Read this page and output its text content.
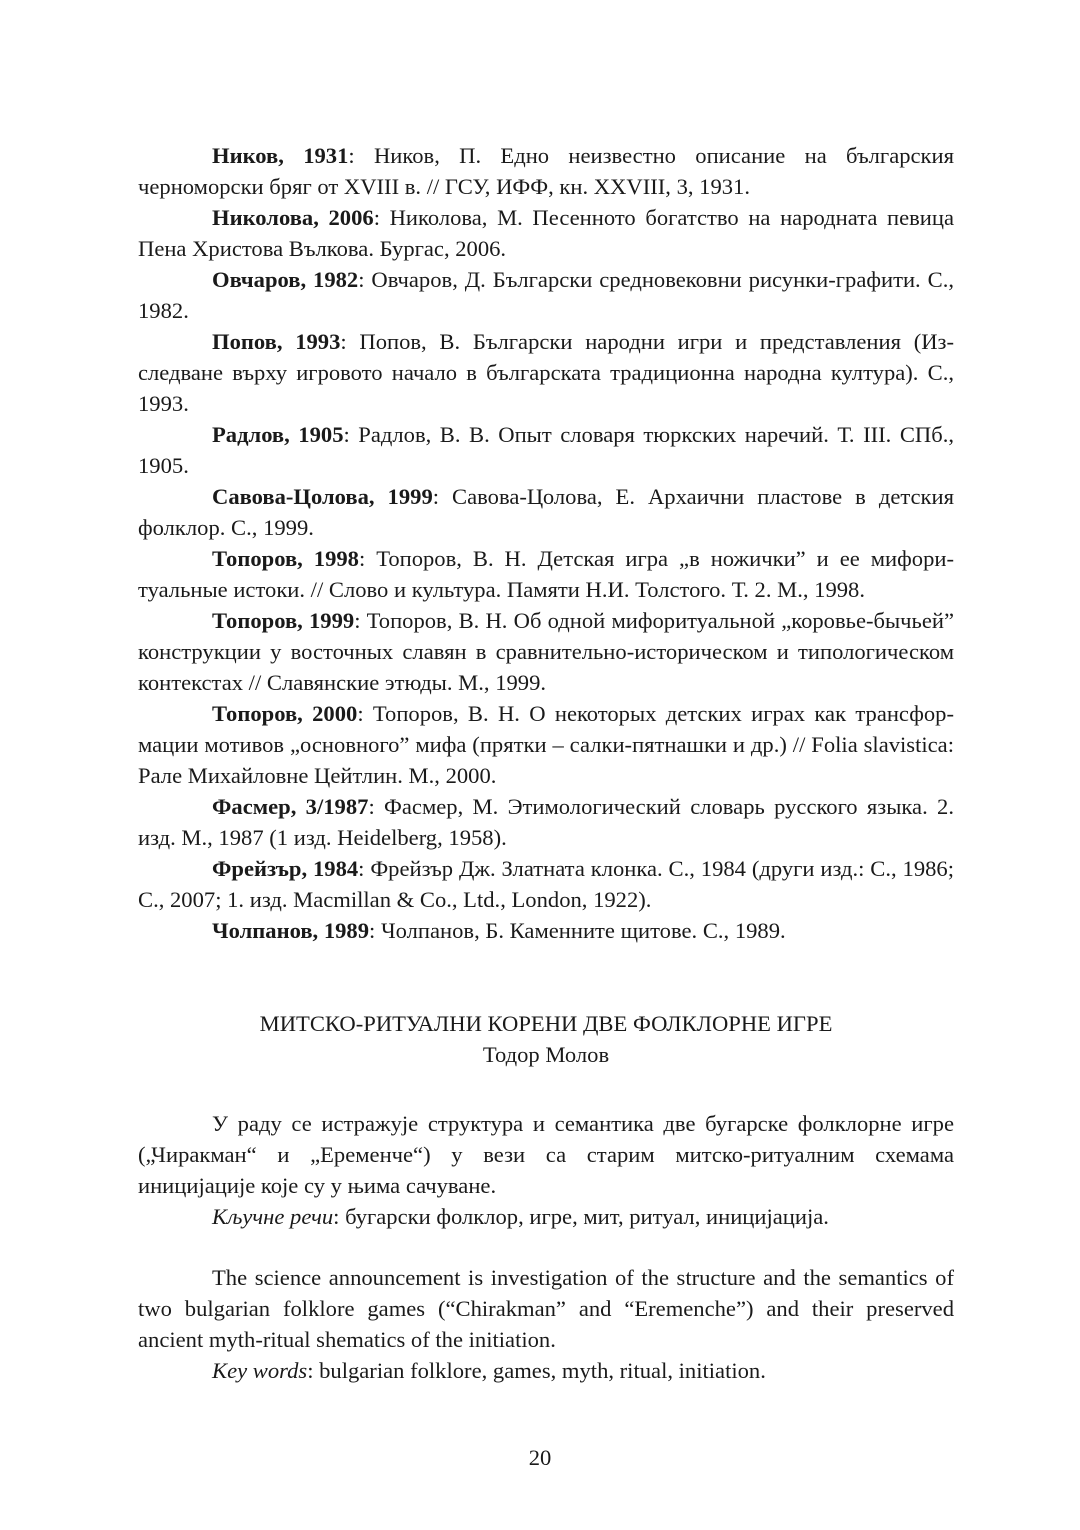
Ников, 1931: Ников, П. Едно неизвестно описание на българския черноморски бряг от XVIII в. // ГСУ, ИФФ, кн. XXVIII, 3, 1931.

Николова, 2006: Николова, М. Песенното богатство на народната певица Пена Христова Вълкова. Бургас, 2006.

Овчаров, 1982: Овчаров, Д. Български средновековни рисунки-графити. С., 1982.

Попов, 1993: Попов, В. Български народни игри и представления (Изследване върху игровото начало в българската традиционна народна култура). С., 1993.

Радлов, 1905: Радлов, В. В. Опыт словаря тюркских наречий. Т. III. СПб., 1905.

Савова-Цолова, 1999: Савова-Цолова, Е. Архаични пластове в детския фолклор. С., 1999.

Топоров, 1998: Топоров, В. Н. Детская игра „в ножички” и ее мифоритуальные истоки. // Слово и культура. Памяти Н.И. Толстого. Т. 2. М., 1998.

Топоров, 1999: Топоров, В. Н. Об одной мифоритуальной „коровье-бычьей” конструкции у восточных славян в сравнительно-историческом и типологическом контекстах // Славянские этюды. М., 1999.

Топоров, 2000: Топоров, В. Н. О некоторых детских играх как трансформации мотивов „основного” мифа (прятки – салки-пятнашки и др.) // Folia slavistica: Рале Михайловне Цейтлин. М., 2000.

Фасмер, 3/1987: Фасмер, М. Этимологический словарь русского языка. 2. изд. М., 1987 (1 изд. Heidelberg, 1958).

Фрейзър, 1984: Фрейзър Дж. Златната клонка. С., 1984 (други изд.: С., 1986; С., 2007; 1. изд. Macmillan & Co., Ltd., London, 1922).

Чолпанов, 1989: Чолпанов, Б. Каменните щитове. С., 1989.

МИТСКО-РИТУАЛНИ КОРЕНИ ДВЕ ФОЛКЛОРНЕ ИГРЕ

Тодор Молов

У раду се истражује структура и семантика две бугарске фолклорне игре („Чиракман“ и „Еременче“) у вези са старим митско-ритуалним схемама иницијације које су у њима сачуване.

Кључне речи: бугарски фолклор, игре, мит, ритуал, иницијација.

The science announcement is investigation of the structure and the semantics of two bulgarian folklore games (“Chirakman” and “Eremenche”) and their preserved ancient myth-ritual shematics of the initiation.

Key words: bulgarian folklore, games, myth, ritual, initiation.

20
